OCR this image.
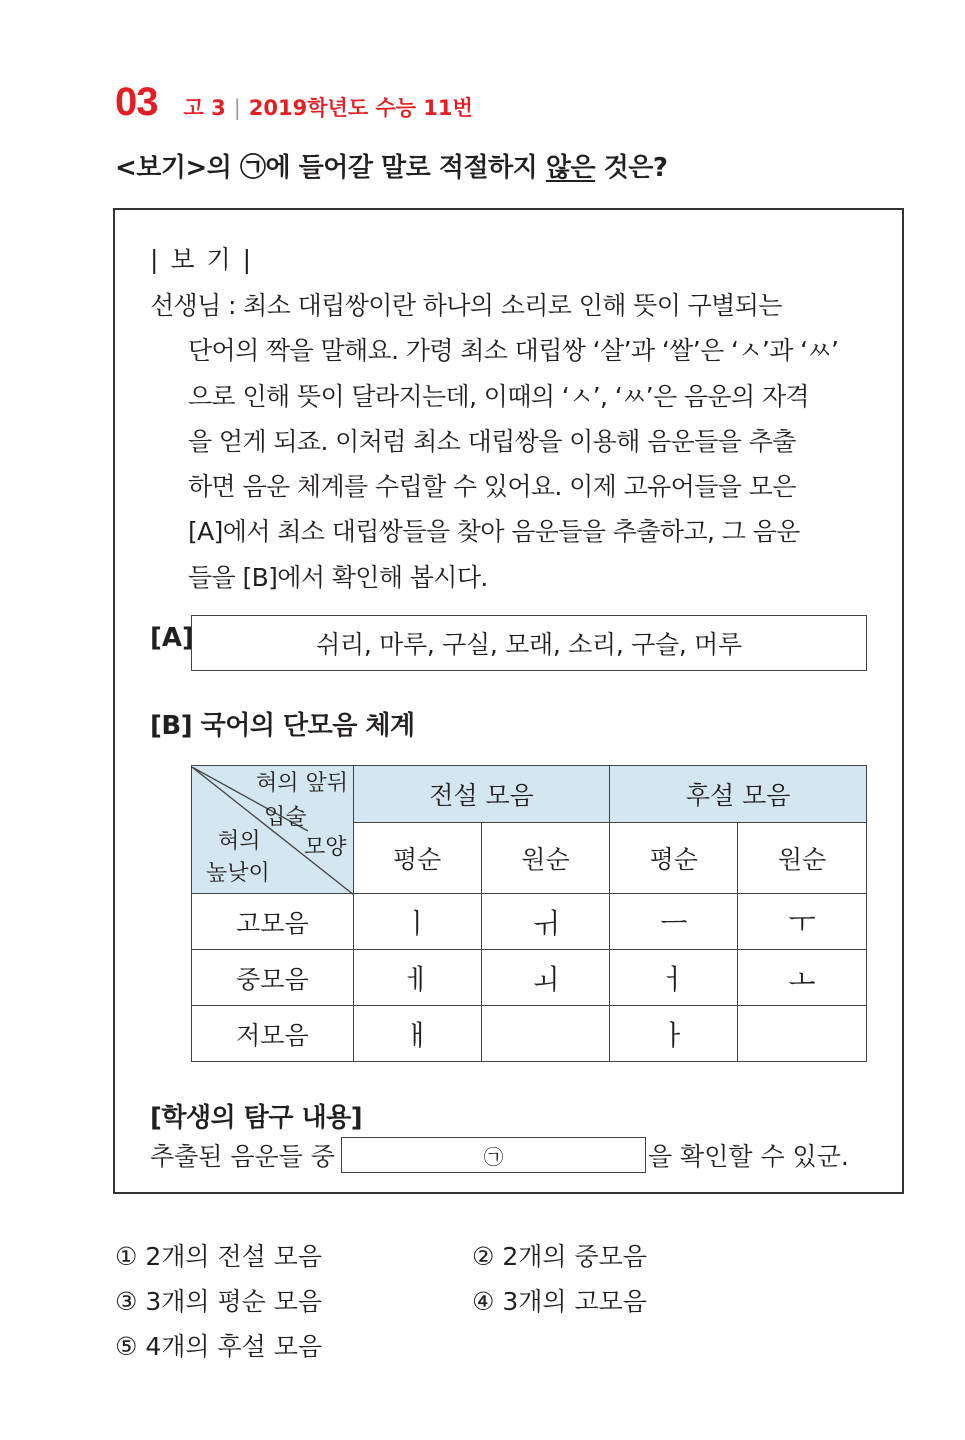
03 고 3 | 2019학년도 수능 11번
<보기>의 ㉠에 들어갈 말로 적절하지 않은 것은?
| 보 기 |
선생님 : 최소 대립쌍이란 하나의 소리로 인해 뜻이 구별되는
단어의 짝을 말해요. 가령 최소 대립쌍 ‘살’과 ‘쌀’은 ‘ㅅ’과 ‘ㅆ’
으로 인해 뜻이 달라지는데, 이때의 ‘ㅅ’, ‘ㅆ’은 음운의 자격
을 얻게 되죠. 이처럼 최소 대립쌍을 이용해 음운들을 추출
하면 음운 체계를 수립할 수 있어요. 이제 고유어들을 모은
[A]에서 최소 대립쌍들을 찾아 음운들을 추출하고, 그 음운
들을 [B]에서 확인해 봅시다.
[A]	쉬리, 마루, 구실, 모래, 소리, 구슬, 머루
[B] 국어의 단모음 체계
혀의 앞뒤
입술
모양
혀의
높낮이	전설 모음		후설 모음	
	평순	원순	평순	원순
고모음	ㅣ	ㅟ	ㅡ	ㅜ
중모음	ㅔ	ㅚ	ㅓ	ㅗ
저모음	ㅐ		ㅏ	
[학생의 탐구 내용]
추출된 음운들 중	㉠	을 확인할 수 있군.
① 2개의 전설 모음	② 2개의 중모음
③ 3개의 평순 모음	④ 3개의 고모음
⑤ 4개의 후설 모음
